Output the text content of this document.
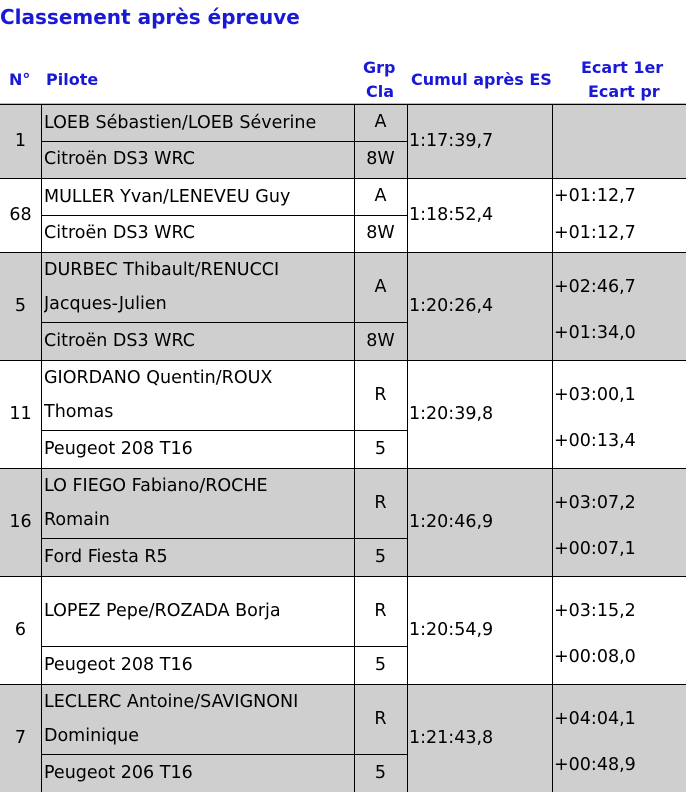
Classement après épreuve
N° Pilote
Grp
Cla
Cumul après ES
Ecart 1er
Ecart pr
1
LOEB Sébastien/LOEB Séverine
Citroën DS3 WRC
A
8W
1:17:39,7
68
MULLER Yvan/LENEVEU Guy
Citroën DS3 WRC
A
8W
1:18:52,4
+01:12,7
+01:12,7
5
DURBEC Thibault/RENUCCI
Jacques-Julien
Citroën DS3 WRC
A
8W
1:20:26,4
+02:46,7
+01:34,0
11
GIORDANO Quentin/ROUX
Thomas
Peugeot 208 T16
R
5
1:20:39,8
+03:00,1
+00:13,4
16
LO FIEGO Fabiano/ROCHE
Romain
Ford Fiesta R5
R
5
1:20:46,9
+03:07,2
+00:07,1
6
LOPEZ Pepe/ROZADA Borja
Peugeot 208 T16
R
5
1:20:54,9
+03:15,2
+00:08,0
7
LECLERC Antoine/SAVIGNONI
Dominique
Peugeot 206 T16
R
5
1:21:43,8
+04:04,1
+00:48,9
